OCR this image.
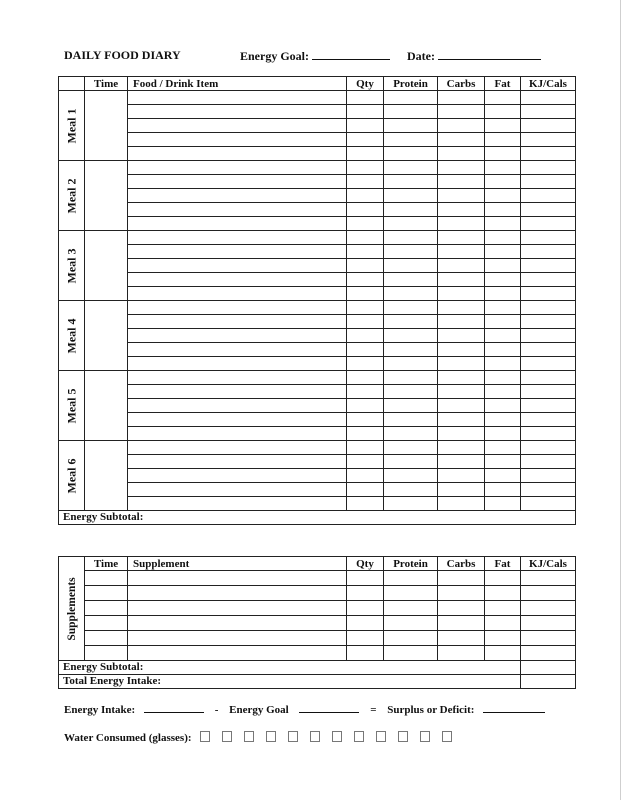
DAILY FOOD DIARY	Energy Goal:	Date:
	Time	Food / Drink Item	Qty	Protein	Carbs	Fat	KJ/Cals

Meal 1							

Meal 2							

Meal 3							

Meal 4							

Meal 5							

Meal 6							

Energy Subtotal:							
Supplements	Time	Supplement	Qty	Protein	Carbs	Fat	KJ/Cals

Energy Subtotal:							
Total Energy Intake:							
Energy Intake:	- Energy Goal	= Surplus or Deficit:
Water Consumed (glasses):
